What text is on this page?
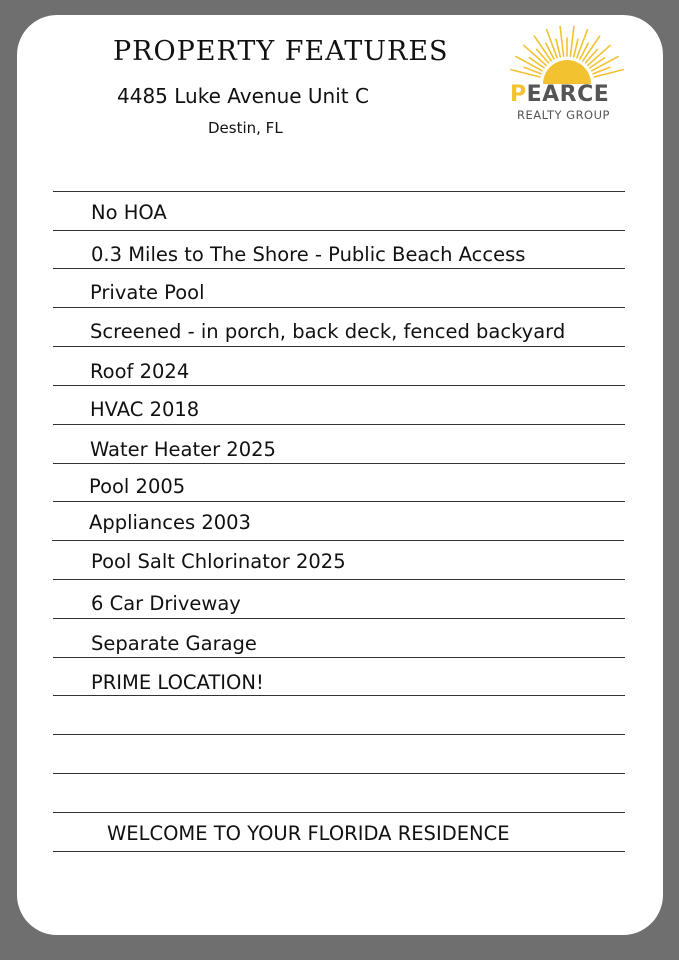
PROPERTY FEATURES
4485 Luke Avenue Unit C
Destin, FL
PEARCE
REALTY GROUP
No HOA
0.3 Miles to The Shore - Public Beach Access
Private Pool
Screened - in porch, back deck, fenced backyard
Roof 2024
HVAC 2018
Water Heater 2025
Pool 2005
Appliances 2003
Pool Salt Chlorinator 2025
6 Car Driveway
Separate Garage
PRIME LOCATION!
WELCOME TO YOUR FLORIDA RESIDENCE
